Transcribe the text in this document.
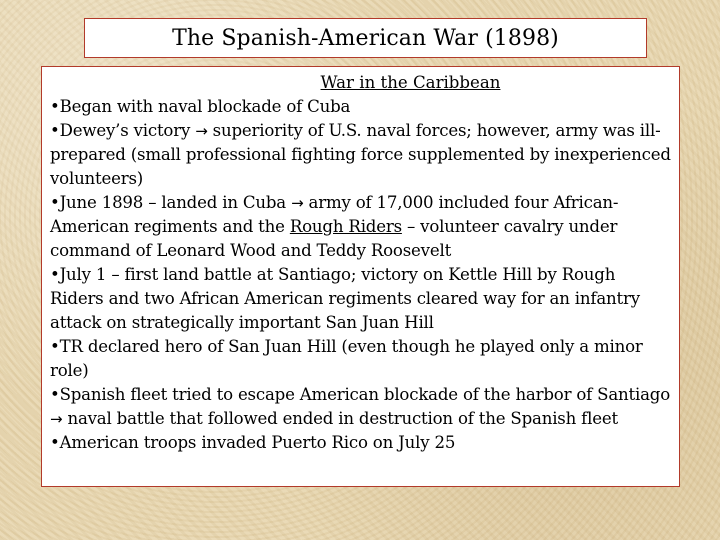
The Spanish-American War (1898)
War in the Caribbean

•Began with naval blockade of Cuba

•Dewey’s victory → superiority of U.S. naval forces; however, army was ill-prepared (small professional fighting force supplemented by inexperienced volunteers)

•June 1898 – landed in Cuba → army of 17,000 included four African-American regiments and the Rough Riders – volunteer cavalry under command of Leonard Wood and Teddy Roosevelt

•July 1 – first land battle at Santiago; victory on Kettle Hill by Rough Riders and two African American regiments cleared way for an infantry attack on strategically important San Juan Hill

•TR declared hero of San Juan Hill (even though he played only a minor role)

•Spanish fleet tried to escape American blockade of the harbor of Santiago → naval battle that followed ended in destruction of the Spanish fleet

•American troops invaded Puerto Rico on July 25
